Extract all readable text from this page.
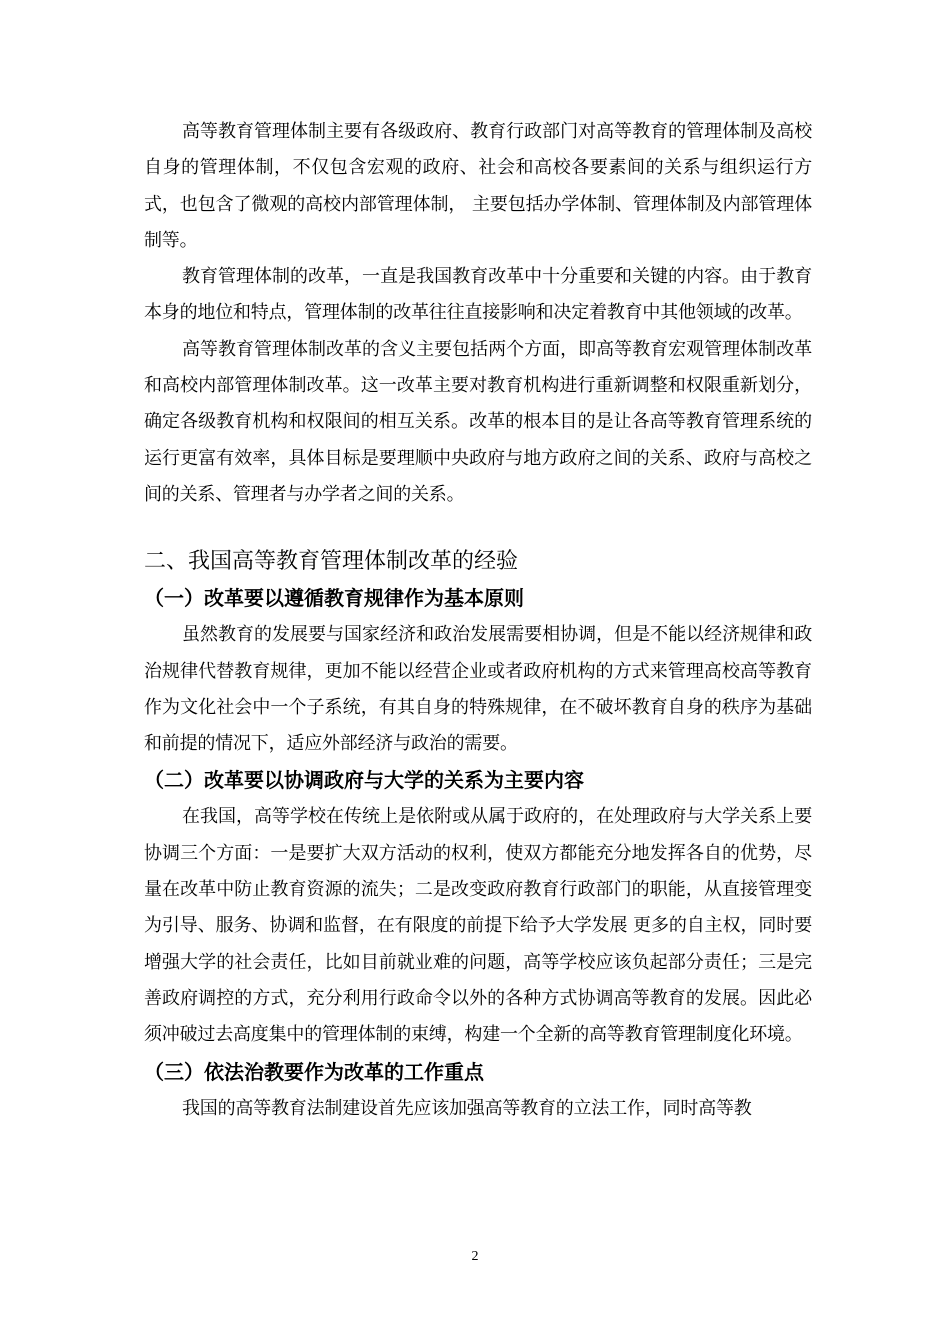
高等教育管理体制主要有各级政府、教育行政部门对高等教育的管理体制及高校自身的管理体制，不仅包含宏观的政府、社会和高校各要素间的关系与组织运行方式，也包含了微观的高校内部管理体制， 主要包括办学体制、管理体制及内部管理体制等。

教育管理体制的改革，一直是我国教育改革中十分重要和关键的内容。由于教育本身的地位和特点，管理体制的改革往往直接影响和决定着教育中其他领域的改革。

高等教育管理体制改革的含义主要包括两个方面，即高等教育宏观管理体制改革和高校内部管理体制改革。这一改革主要对教育机构进行重新调整和权限重新划分，确定各级教育机构和权限间的相互关系。改革的根本目的是让各高等教育管理系统的运行更富有效率，具体目标是要理顺中央政府与地方政府之间的关系、政府与高校之间的关系、管理者与办学者之间的关系。

二、我国高等教育管理体制改革的经验
（一）改革要以遵循教育规律作为基本原则

虽然教育的发展要与国家经济和政治发展需要相协调，但是不能以经济规律和政治规律代替教育规律，更加不能以经营企业或者政府机构的方式来管理高校高等教育作为文化社会中一个子系统，有其自身的特殊规律，在不破坏教育自身的秩序为基础和前提的情况下，适应外部经济与政治的需要。

（二）改革要以协调政府与大学的关系为主要内容

在我国，高等学校在传统上是依附或从属于政府的，在处理政府与大学关系上要协调三个方面：一是要扩大双方活动的权利，使双方都能充分地发挥各自的优势，尽量在改革中防止教育资源的流失；二是改变政府教育行政部门的职能，从直接管理变为引导、服务、协调和监督，在有限度的前提下给予大学发展 更多的自主权，同时要增强大学的社会责任，比如目前就业难的问题，高等学校应该负起部分责任；三是完善政府调控的方式，充分利用行政命令以外的各种方式协调高等教育的发展。因此必须冲破过去高度集中的管理体制的束缚，构建一个全新的高等教育管理制度化环境。

（三）依法治教要作为改革的工作重点

我国的高等教育法制建设首先应该加强高等教育的立法工作，同时高等教

2
